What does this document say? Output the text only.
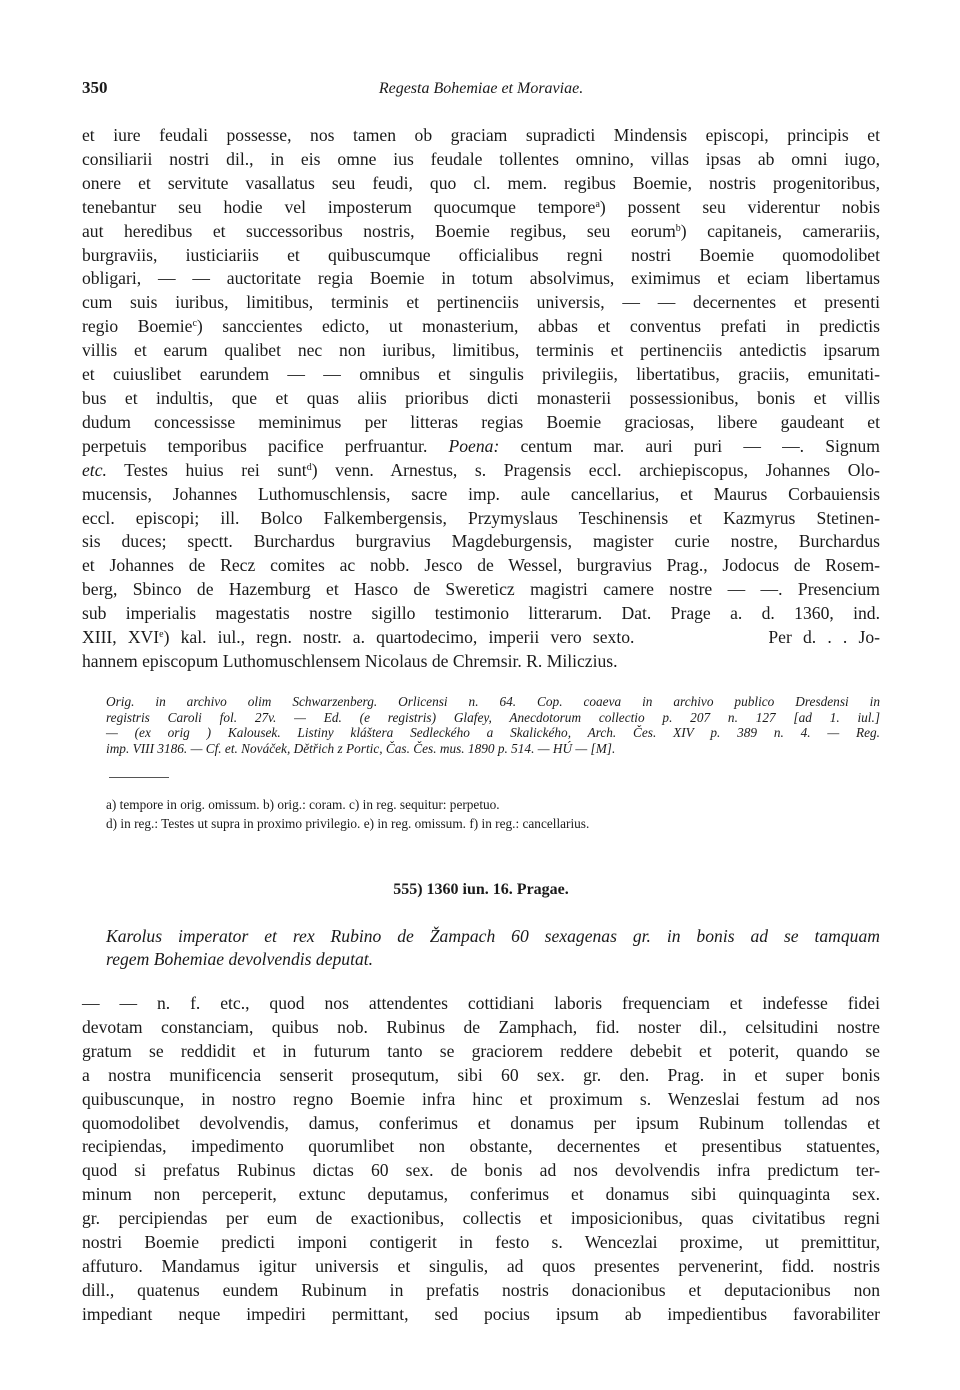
350	Regesta Bohemiae et Moraviae.
et iure feudali possesse, nos tamen ob graciam supradicti Mindensis episcopi, principis et
consiliarii nostri dil., in eis omne ius feudale tollentes omnino, villas ipsas ab omni iugo,
onere et servitute vasallatus seu feudi, quo cl. mem. regibus Boemie, nostris progenitoribus,
tenebantur seu hodie vel imposterum quocumque tempore$^a$) possent seu viderentur nobis
aut heredibus et successoribus nostris, Boemie regibus, seu eorum$^b$) capitaneis, camerariis,
burgraviis, iusticiariis et quibuscumque officialibus regni nostri Boemie quomodolibet
obligari, — — auctoritate regia Boemie in totum absolvimus, eximimus et eciam libertamus
cum suis iuribus, limitibus, terminis et pertinenciis universis, — — decernentes et presenti
regio Boemie$^c$) sanccientes edicto, ut monasterium, abbas et conventus prefati in predictis
villis et earum qualibet nec non iuribus, limitibus, terminis et pertinenciis antedictis ipsarum
et cuiuslibet earundem — — omnibus et singulis privilegiis, libertatibus, graciis, emunitati-
bus et indultis, que et quas aliis prioribus dicti monasterii possessionibus, bonis et villis
dudum concessisse meminimus per litteras regias Boemie graciosas, libere gaudeant et
perpetuis temporibus pacifice perfruantur. Poena: centum mar. auri puri — —. Signum
etc. Testes huius rei sunt$^d$) venn. Arnestus, s. Pragensis eccl. archiepiscopus, Johannes Olo-
mucensis, Johannes Luthomuschlensis, sacre imp. aule cancellarius, et Maurus Corbauiensis
eccl. episcopi; ill. Bolco Falkembergensis, Przymyslaus Teschinensis et Kazmyrus Stetinen-
sis duces; spectt. Burchardus burgravius Magdeburgensis, magister curie nostre, Burchardus
et Johannes de Recz comites ac nobb. Jesco de Wessel, burgravius Prag., Jodocus de Rosem-
berg, Sbinco de Hazemburg et Hasco de Swereticz magistri camere nostre — —. Presencium
sub imperialis magestatis nostre sigillo testimonio litterarum. Dat. Prage a. d. 1360, ind.
XIII, XVIe) kal. iul., regn. nostr. a. quartodecimo, imperii vero sexto.	Per d. . . Jo-
hannem episcopum Luthomuschlensem Nicolaus de Chremsir. R. Miliczius.
Orig. in archivo olim Schwarzenberg. Orlicensi n. 64. Cop. coaeva in archivo publico Dresdensi in
registris Caroli fol. 27v. — Ed. (e registris) Glafey, Anecdotorum collectio p. 207 n. 127 [ad 1. iul.]
— (ex orig ) Kalousek. Listiny kláštera Sedleckého a Skalického, Arch. Čes. XIV p. 389 n. 4. — Reg.
imp. VIII 3186. — Cf. et. Nováček, Dětřich z Portic, Čas. Čes. mus. 1890 p. 514. — HÚ — [M].
a) tempore in orig. omissum. b) orig.: coram. c) in reg. sequitur: perpetuo.
d) in reg.: Testes ut supra in proximo privilegio. e) in reg. omissum. f) in reg.: cancellarius.
555) 1360 iun. 16. Pragae.
Karolus imperator et rex Rubino de Žampach 60 sexagenas gr. in bonis ad se tamquam
regem Bohemiae devolvendis deputat.
— — n. f. etc., quod nos attendentes cottidiani laboris frequenciam et indefesse fidei
devotam constanciam, quibus nob. Rubinus de Zamphach, fid. noster dil., celsitudini nostre
gratum se reddidit et in futurum tanto se graciorem reddere debebit et poterit, quando se
a nostra munificencia senserit prosequtum, sibi 60 sex. gr. den. Prag. in et super bonis
quibuscunque, in nostro regno Boemie infra hinc et proximum s. Wenzeslai festum ad nos
quomodolibet devolvendis, damus, conferimus et donamus per ipsum Rubinum tollendas et
recipiendas, impedimento quorumlibet non obstante, decernentes et presentibus statuentes,
quod si prefatus Rubinus dictas 60 sex. de bonis ad nos devolvendis infra predictum ter-
minum non perceperit, extunc deputamus, conferimus et donamus sibi quinquaginta sex.
gr. percipiendas per eum de exactionibus, collectis et imposicionibus, quas civitatibus regni
nostri Boemie predicti imponi contigerit in festo s. Wencezlai proxime, ut premittitur,
affuturo. Mandamus igitur universis et singulis, ad quos presentes pervenerint, fidd. nostris
dill., quatenus eundem Rubinum in prefatis nostris donacionibus et deputacionibus non
impediant neque impediri permittant, sed pocius ipsum ab impedientibus favorabiliter
